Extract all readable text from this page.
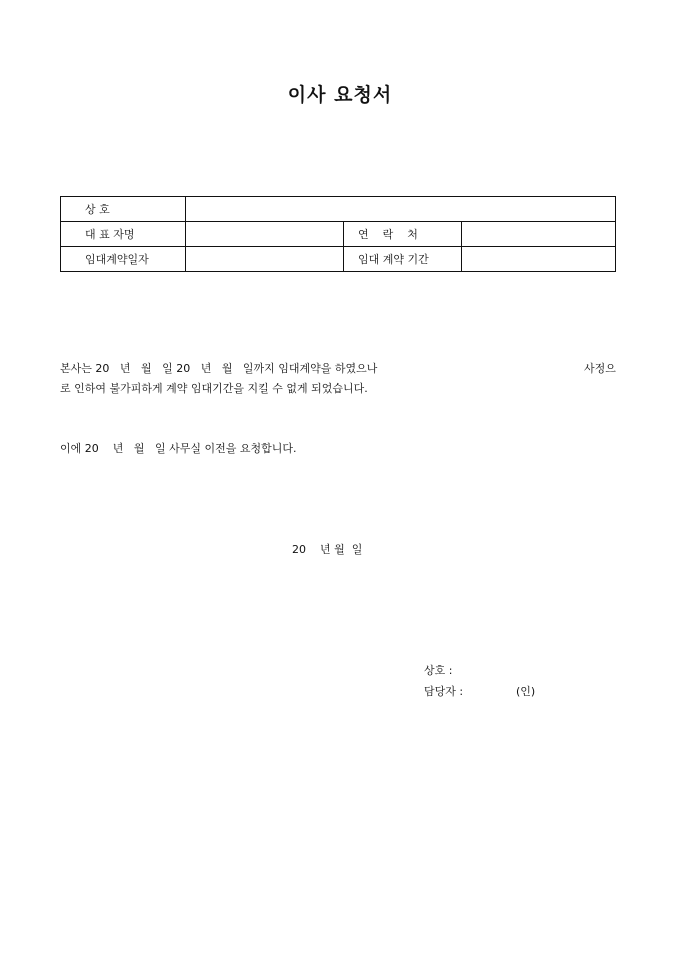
이사 요청서
상 호			
대 표 자명		연    락    처	
임대계약일자		임대 계약 기간	
본사는 20   년   월   일 20   년   월   일까지 임대계약을 하였으나	사정으
로 인하여 불가피하게 계약 임대기간을 지킬 수 없게 되었습니다.
이에 20    년   월   일 사무실 이전을 요청합니다.
20    년 월  일
상호 :
담당자 :	(인)
